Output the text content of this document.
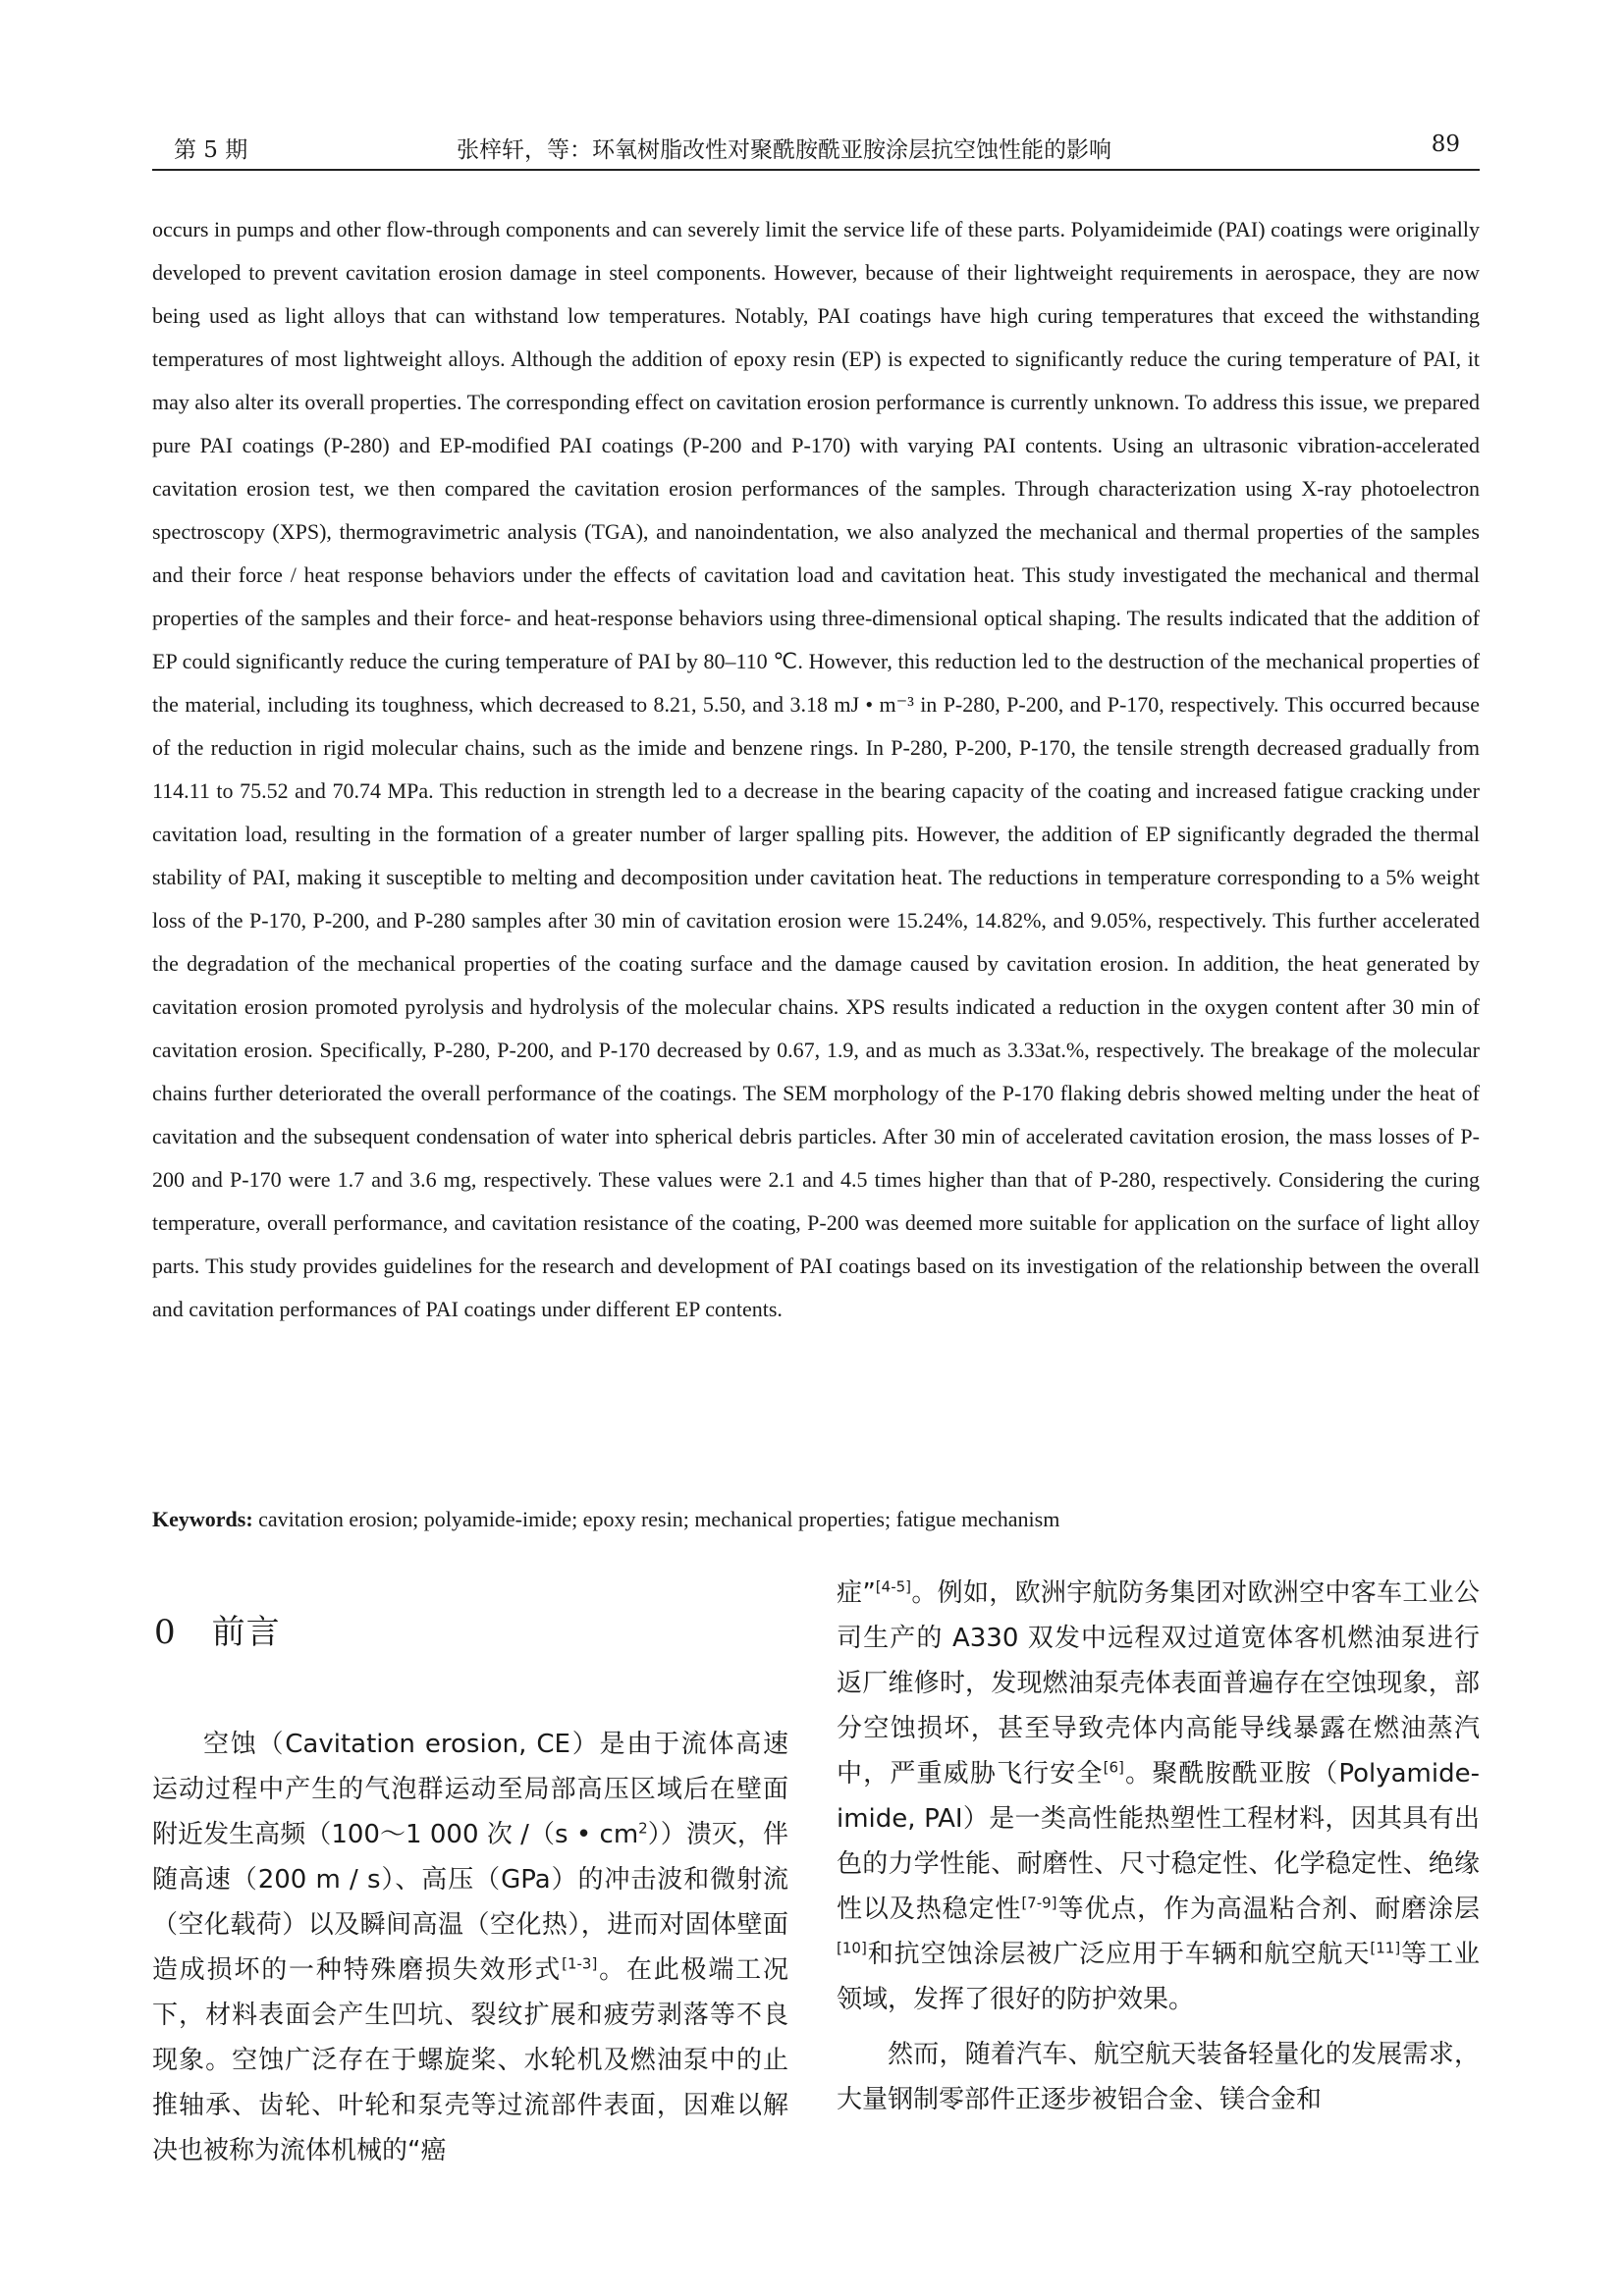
第 5 期	张梓轩，等：环氧树脂改性对聚酰胺酰亚胺涂层抗空蚀性能的影响	89

occurs in pumps and other flow-through components and can severely limit the service life of these parts. Polyamideimide (PAI) coatings were originally developed to prevent cavitation erosion damage in steel components. However, because of their lightweight requirements in aerospace, they are now being used as light alloys that can withstand low temperatures. Notably, PAI coatings have high curing temperatures that exceed the withstanding temperatures of most lightweight alloys. Although the addition of epoxy resin (EP) is expected to significantly reduce the curing temperature of PAI, it may also alter its overall properties. The corresponding effect on cavitation erosion performance is currently unknown. To address this issue, we prepared pure PAI coatings (P-280) and EP-modified PAI coatings (P-200 and P-170) with varying PAI contents. Using an ultrasonic vibration-accelerated cavitation erosion test, we then compared the cavitation erosion performances of the samples. Through characterization using X-ray photoelectron spectroscopy (XPS), thermogravimetric analysis (TGA), and nanoindentation, we also analyzed the mechanical and thermal properties of the samples and their force / heat response behaviors under the effects of cavitation load and cavitation heat. This study investigated the mechanical and thermal properties of the samples and their force- and heat-response behaviors using three-dimensional optical shaping. The results indicated that the addition of EP could significantly reduce the curing temperature of PAI by 80–110 ℃. However, this reduction led to the destruction of the mechanical properties of the material, including its toughness, which decreased to 8.21, 5.50, and 3.18 mJ • m⁻³ in P-280, P-200, and P-170, respectively. This occurred because of the reduction in rigid molecular chains, such as the imide and benzene rings. In P-280, P-200, P-170, the tensile strength decreased gradually from 114.11 to 75.52 and 70.74 MPa. This reduction in strength led to a decrease in the bearing capacity of the coating and increased fatigue cracking under cavitation load, resulting in the formation of a greater number of larger spalling pits. However, the addition of EP significantly degraded the thermal stability of PAI, making it susceptible to melting and decomposition under cavitation heat. The reductions in temperature corresponding to a 5% weight loss of the P-170, P-200, and P-280 samples after 30 min of cavitation erosion were 15.24%, 14.82%, and 9.05%, respectively. This further accelerated the degradation of the mechanical properties of the coating surface and the damage caused by cavitation erosion. In addition, the heat generated by cavitation erosion promoted pyrolysis and hydrolysis of the molecular chains. XPS results indicated a reduction in the oxygen content after 30 min of cavitation erosion. Specifically, P-280, P-200, and P-170 decreased by 0.67, 1.9, and as much as 3.33at.%, respectively. The breakage of the molecular chains further deteriorated the overall performance of the coatings. The SEM morphology of the P-170 flaking debris showed melting under the heat of cavitation and the subsequent condensation of water into spherical debris particles. After 30 min of accelerated cavitation erosion, the mass losses of P-200 and P-170 were 1.7 and 3.6 mg, respectively. These values were 2.1 and 4.5 times higher than that of P-280, respectively. Considering the curing temperature, overall performance, and cavitation resistance of the coating, P-200 was deemed more suitable for application on the surface of light alloy parts. This study provides guidelines for the research and development of PAI coatings based on its investigation of the relationship between the overall and cavitation performances of PAI coatings under different EP contents.

Keywords: cavitation erosion; polyamide-imide; epoxy resin; mechanical properties; fatigue mechanism
0 前言

空蚀（Cavitation erosion, CE）是由于流体高速运动过程中产生的气泡群运动至局部高压区域后在壁面附近发生高频（100～1 000 次 /（s • $cm^2$））溃灭，伴随高速（200 m / s）、高压（GPa）的冲击波和微射流（空化载荷）以及瞬间高温（空化热），进而对固体壁面造成损坏的一种特殊磨损失效形式[1-3]。在此极端工况下，材料表面会产生凹坑、裂纹扩展和疲劳剥落等不良现象。空蚀广泛存在于螺旋桨、水轮机及燃油泵中的止推轴承、齿轮、叶轮和泵壳等过流部件表面，因难以解决也被称为流体机械的“癌

症”[4-5]。例如，欧洲宇航防务集团对欧洲空中客车工业公司生产的 A330 双发中远程双过道宽体客机燃油泵进行返厂维修时，发现燃油泵壳体表面普遍存在空蚀现象，部分空蚀损坏，甚至导致壳体内高能导线暴露在燃油蒸汽中，严重威胁飞行安全[6]。聚酰胺酰亚胺（Polyamide-imide, PAI）是一类高性能热塑性工程材料，因其具有出色的力学性能、耐磨性、尺寸稳定性、化学稳定性、绝缘性以及热稳定性[7-9]等优点，作为高温粘合剂、耐磨涂层[10]和抗空蚀涂层被广泛应用于车辆和航空航天[11]等工业领域，发挥了很好的防护效果。

然而，随着汽车、航空航天装备轻量化的发展需求，大量钢制零部件正逐步被铝合金、镁合金和
